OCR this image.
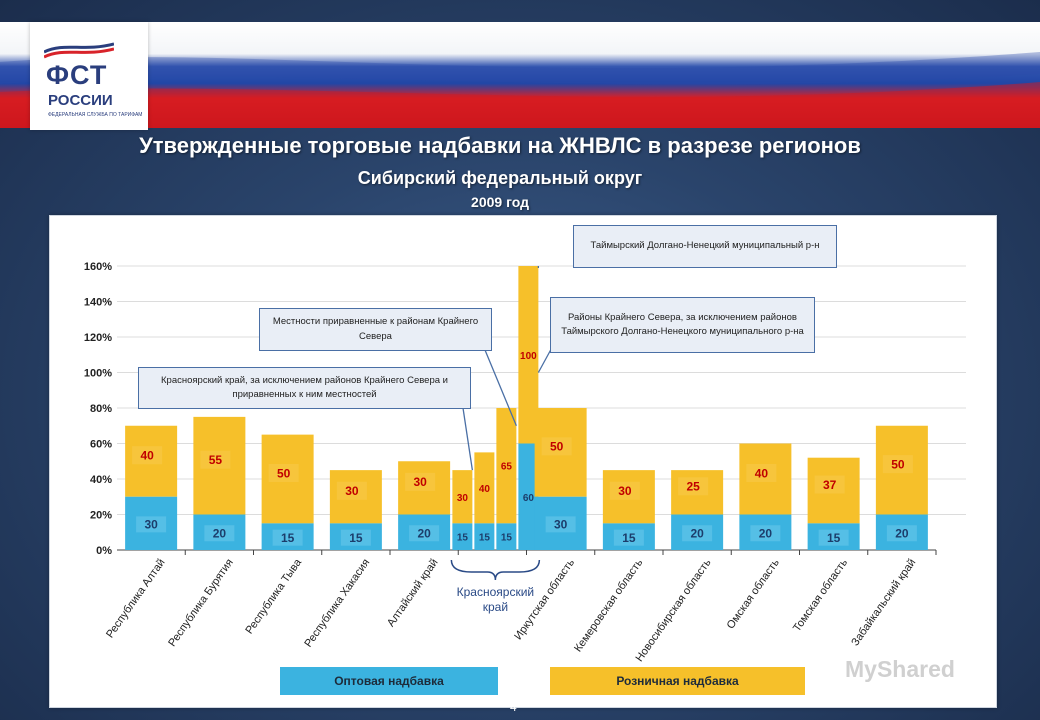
ФСТ
РОССИИ
ФЕДЕРАЛЬНАЯ СЛУЖБА ПО ТАРИФАМ
Утвержденные торговые надбавки на ЖНВЛС в разрезе регионов
Сибирский федеральный округ
2009 год
0%
20%
40%
60%
80%
100%
120%
140%
160%
30
40
Республика Алтай
20
55
Республика Бурятия
15
50
Республика Тыва
15
30
Республика Хакасия
20
30
Алтайский край
15
30
15
40
15
65
60
100
30
50
Иркутская область
15
30
Кемеровская область
20
25
Новосибирская область
20
40
Омская область
15
37
Томская область
20
50
Забайкальский край
Красноярский
край
Таймырский Долгано-Ненецкий муниципальный р-н
Районы Крайнего Севера, за исключением районов Таймырского Долгано-Ненецкого муниципального р-на
Местности приравненные к районам Крайнего Севера
Красноярский край, за исключением районов Крайнего Севера и приравненных к ним местностей
Оптовая надбавка	Розничная надбавка
4
MyShared
